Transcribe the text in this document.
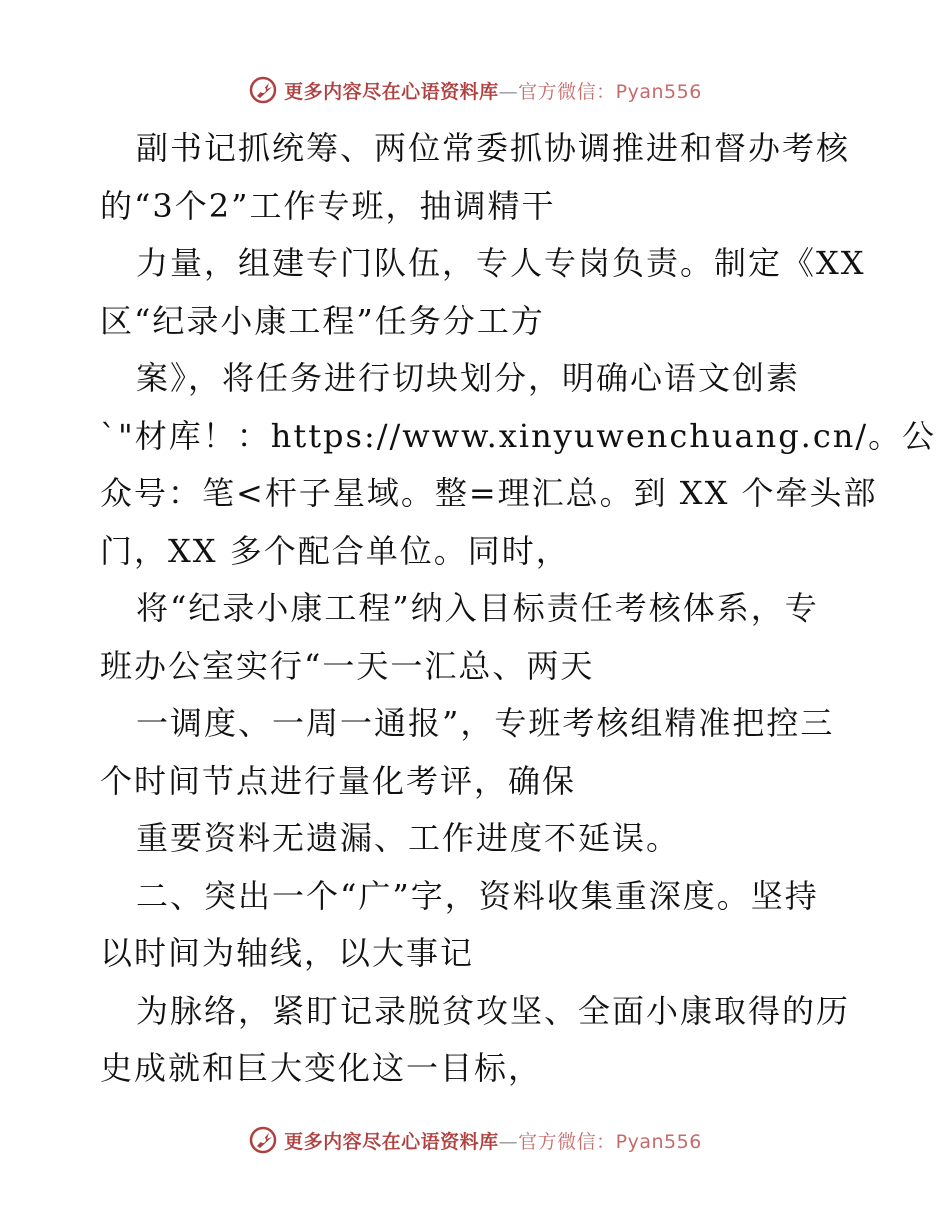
更多内容尽在心语资料库—官方微信：Pyan556
副书记抓统筹、两位常委抓协调推进和督办考核
的“3个2”工作专班，抽调精干
力量，组建专门队伍，专人专岗负责。制定《XX
区“纪录小康工程”任务分工方
案》，将任务进行切块划分，明确心语文创素
`"材库！：https://www.xinyuwenchuang.cn/。公
众号：笔<杆子星域。整=理汇总。到 XX 个牵头部
门，XX 多个配合单位。同时，
将“纪录小康工程”纳入目标责任考核体系，专
班办公室实行“一天一汇总、两天
一调度、一周一通报”，专班考核组精准把控三
个时间节点进行量化考评，确保
重要资料无遗漏、工作进度不延误。
二、突出一个“广”字，资料收集重深度。坚持
以时间为轴线，以大事记
为脉络，紧盯记录脱贫攻坚、全面小康取得的历
史成就和巨大变化这一目标，
更多内容尽在心语资料库—官方微信：Pyan556
